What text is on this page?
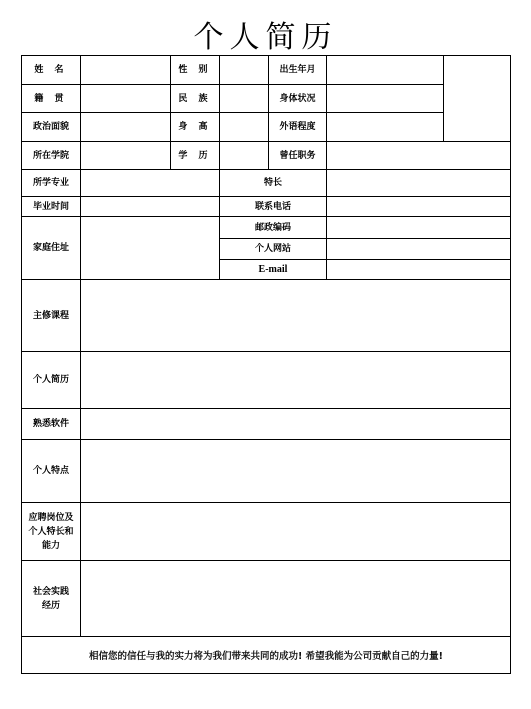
个人简历
姓 名	性 别	出生年月
籍 贯	民 族	身体状况
政治面貌	身 高	外语程度
所在学院	学 历	曾任职务
所学专业	特长
毕业时间	联系电话
家庭住址
邮政编码
个人网站
E-mail
主修课程
个人简历
熟悉软件
个人特点
应聘岗位及个人特长和能力
社会实践经历
相信您的信任与我的实力将为我们带来共同的成功! 希望我能为公司贡献自己的力量!
